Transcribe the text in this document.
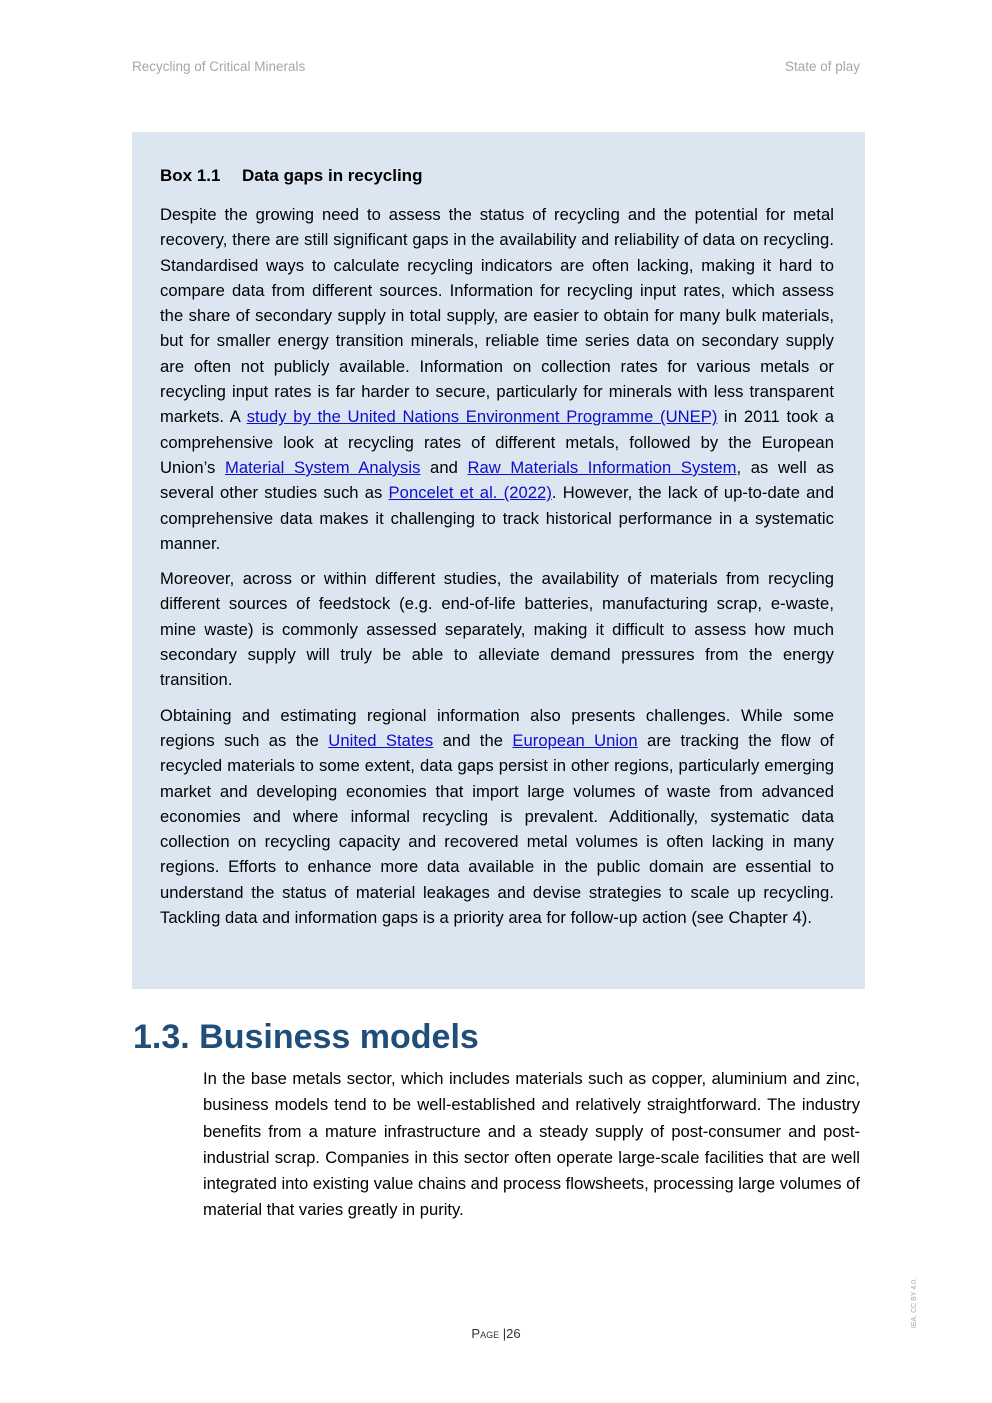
Recycling of Critical Minerals	State of play
Box 1.1 Data gaps in recycling

Despite the growing need to assess the status of recycling and the potential for metal recovery, there are still significant gaps in the availability and reliability of data on recycling. Standardised ways to calculate recycling indicators are often lacking, making it hard to compare data from different sources. Information for recycling input rates, which assess the share of secondary supply in total supply, are easier to obtain for many bulk materials, but for smaller energy transition minerals, reliable time series data on secondary supply are often not publicly available. Information on collection rates for various metals or recycling input rates is far harder to secure, particularly for minerals with less transparent markets. A study by the United Nations Environment Programme (UNEP) in 2011 took a comprehensive look at recycling rates of different metals, followed by the European Union’s Material System Analysis and Raw Materials Information System, as well as several other studies such as Poncelet et al. (2022). However, the lack of up-to-date and comprehensive data makes it challenging to track historical performance in a systematic manner.

Moreover, across or within different studies, the availability of materials from recycling different sources of feedstock (e.g. end-of-life batteries, manufacturing scrap, e-waste, mine waste) is commonly assessed separately, making it difficult to assess how much secondary supply will truly be able to alleviate demand pressures from the energy transition.

Obtaining and estimating regional information also presents challenges. While some regions such as the United States and the European Union are tracking the flow of recycled materials to some extent, data gaps persist in other regions, particularly emerging market and developing economies that import large volumes of waste from advanced economies and where informal recycling is prevalent. Additionally, systematic data collection on recycling capacity and recovered metal volumes is often lacking in many regions. Efforts to enhance more data available in the public domain are essential to understand the status of material leakages and devise strategies to scale up recycling. Tackling data and information gaps is a priority area for follow-up action (see Chapter 4).

1.3. Business models

In the base metals sector, which includes materials such as copper, aluminium and zinc, business models tend to be well-established and relatively straightforward. The industry benefits from a mature infrastructure and a steady supply of post-consumer and post-industrial scrap. Companies in this sector often operate large-scale facilities that are well integrated into existing value chains and process flowsheets, processing large volumes of material that varies greatly in purity.

Page |26
IEA. CC BY 4.0.
